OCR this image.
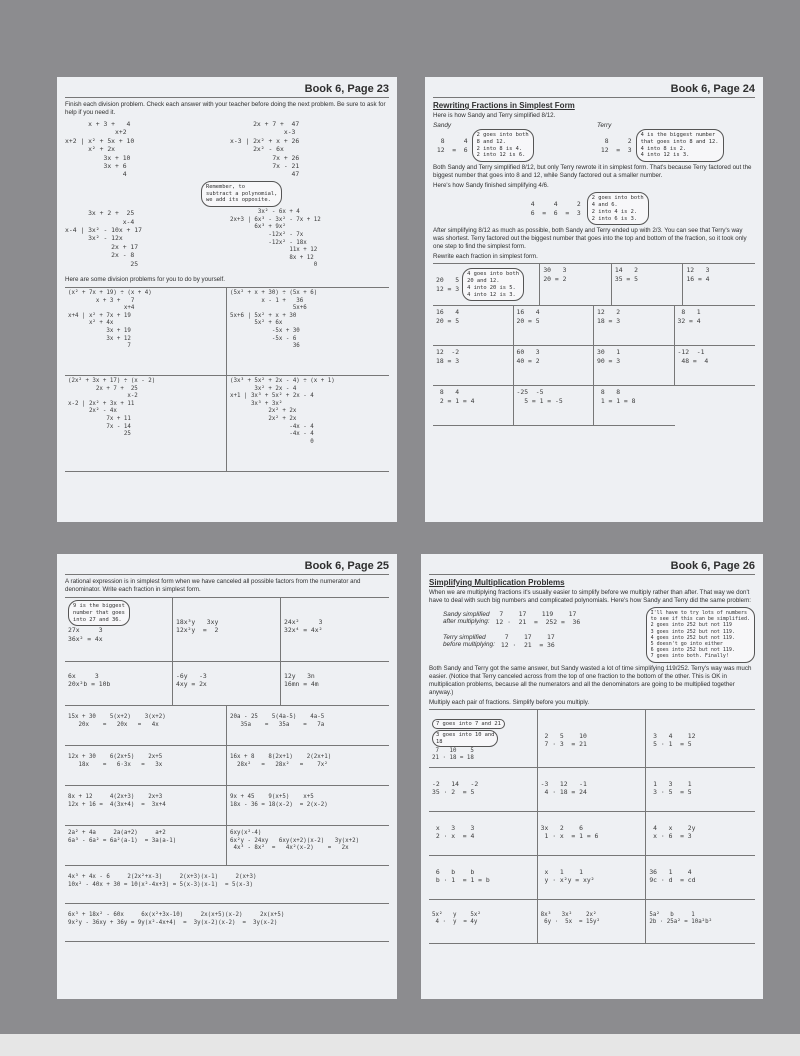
Book 6, Page 23
Finish each division problem. Check each answer with your teacher before doing the next problem. Be sure to ask for help if you need it.
x + 3 +   4
x+2
x+2 | x² + 5x + 10
x² + 2x
3x + 10
3x + 6
4
2x + 7 +  47
x-3
x-3 | 2x² + x + 26
2x² - 6x
7x + 26
7x - 21
47
Remember, to
subtract a polynomial,
we add its opposite.
3x + 2 +  25
x-4
x-4 | 3x² - 10x + 17
3x² - 12x
2x + 17
2x - 8
25
3x² - 6x + 4
2x+3 | 6x³ - 3x² - 7x + 12
6x³ + 9x²
-12x² - 7x
-12x² - 18x
11x + 12
8x + 12
0
Here are some division problems for you to do by yourself.
(x² + 7x + 19) ÷ (x + 4)
x + 3 +   7
x+4
x+4 | x² + 7x + 19
x² + 4x
3x + 19
3x + 12
7
(5x² + x + 30) ÷ (5x + 6)
x - 1 +   36
5x+6
5x+6 | 5x² + x + 30
5x² + 6x
-5x + 30
-5x - 6
36
(2x² + 3x + 17) ÷ (x - 2)
2x + 7 +  25
x-2
x-2 | 2x² + 3x + 11
2x² - 4x
7x + 11
7x - 14
25
(3x³ + 5x² + 2x - 4) ÷ (x + 1)
3x² + 2x - 4
x+1 | 3x³ + 5x² + 2x - 4
3x³ + 3x²
2x² + 2x
2x² + 2x
-4x - 4
-4x - 4
0
Book 6, Page 24
Rewriting Fractions in Simplest Form
Here is how Sandy and Terry simplified 8/12.
Sandy
8     4
12  =  6
2 goes into both
8 and 12.
2 into 8 is 4.
2 into 12 is 6.
Terry
8     2
12  =  3
4 is the biggest number
that goes into 8 and 12.
4 into 8 is 2.
4 into 12 is 3.
Both Sandy and Terry simplified 8/12, but only Terry rewrote it in simplest form. That's because Terry factored out the biggest number that goes into 8 and 12, while Sandy factored out a smaller number.
Here's how Sandy finished simplifying 4/6.
4     4     2
6  =  6  =  3
2 goes into both
4 and 6.
2 into 4 is 2.
2 into 6 is 3.
After simplifying 8/12 as much as possible, both Sandy and Terry ended up with 2/3. You can see that Terry's way was shortest. Terry factored out the biggest number that goes into the top and bottom of the fraction, so it took only one step to find the simplest form.
Rewrite each fraction in simplest form.
20   5
12 = 3
4 goes into both
20 and 12.
4 into 20 is 5.
4 into 12 is 3.
30   3
20 = 2
14   2
35 = 5
12   3
16 = 4
16   4
20 = 5
16   4
20 = 5
12   2
18 = 3
8   1
32 = 4
12  -2
18 = 3
60   3
40 = 2
30   1
90 = 3
-12  -1
48 =  4
8   4
2 = 1 = 4
-25  -5
5 = 1 = -5
8   8
1 = 1 = 8
Book 6, Page 25
A rational expression is in simplest form when we have canceled all possible factors from the numerator and denominator. Write each fraction in simplest form.
9 is the biggest
number that goes
into 27 and 36.
27x     3
36x² = 4x
18x³y   3xy
12x²y  =  2
24x²     3
32x⁴ = 4x²
6x     3
20x²b = 10b
-6y   -3
4xy = 2x
12y   3n
16mn = 4m
15x + 30    5(x+2)    3(x+2)
20x    =   20x   =   4x
20a - 25    5(4a-5)    4a-5
35a    =   35a    =   7a
12x + 30    6(2x+5)    2x+5
18x    =   6·3x   =   3x
16x + 8    8(2x+1)    2(2x+1)
28x²   =   28x²   =    7x²
8x + 12     4(2x+3)    2x+3
12x + 16 =  4(3x+4)  =  3x+4
9x + 45    9(x+5)    x+5
18x - 36 = 18(x-2)  = 2(x-2)
2a² + 4a     2a(a+2)     a+2
6a³ - 6a² = 6a²(a-1)  = 3a(a-1)
6xy(x²-4)
6x²y - 24xy   6xy(x+2)(x-2)   3y(x+2)
4x³ - 8x²  =   4x²(x-2)    =   2x
4x³ + 4x - 6     2(2x²+x-3)     2(x+3)(x-1)     2(x+3)
10x² - 40x + 30 = 10(x²-4x+3) = 5(x-3)(x-1)  = 5(x-3)
6x³ + 18x² - 60x     6x(x²+3x-10)     2x(x+5)(x-2)     2x(x+5)
9x²y - 36xy + 36y = 9y(x²-4x+4)  =  3y(x-2)(x-2)  =  3y(x-2)
Book 6, Page 26
Simplifying Multiplication Problems
When we are multiplying fractions it's usually easier to simplify before we multiply rather than after. That way we don't have to deal with such big numbers and complicated polynomials. Here's how Sandy and Terry did the same problem:
Sandy simplified
after multiplying:
7    17    119    17
12 ·  21  =  252 =  36
Terry simplified
before multiplying:
7    17    17
12 ·  21  = 36
I'll have to try lots of numbers
to see if this can be simplified.
2 goes into 252 but not 119
3 goes into 252 but not 119.
4 goes into 252 but not 119.
5 doesn't go into either
6 goes into 252 but not 119.
7 goes into both. Finally!
Both Sandy and Terry got the same answer, but Sandy wasted a lot of time simplifying 119/252. Terry's way was much easier. (Notice that Terry canceled across from the top of one fraction to the bottom of the other. This is OK in multiplication problems, because all the numerators and all the denominators are going to be multiplied together anyway.)
Multiply each pair of fractions. Simplify before you multiply.
7 goes into 7 and 21 3 goes into 10 and
18
7   10    5
21 · 18 = 18
2   5    10
7 · 3  = 21
3   4    12
5 · 1  = 5
-2   14   -2
35 · 2  = 5
-3   12   -1
4 · 18 = 24
1   3    1
3 · 5  = 5
x   3    3
2 · x  = 4
3x   2    6
1 · x  = 1 = 6
4   x    2y
x · 6  = 3
6   b    b
b · 1  = 1 = b
x   1    1
y · x²y = xy²
36   1    4
9c · d  = cd
5x²   y    5x²
4 ·  y  = 4y
8x³   3x²    2x²
6y ·  5x  = 15y²
5a²   b     1
2b · 25a² = 10a²b²
